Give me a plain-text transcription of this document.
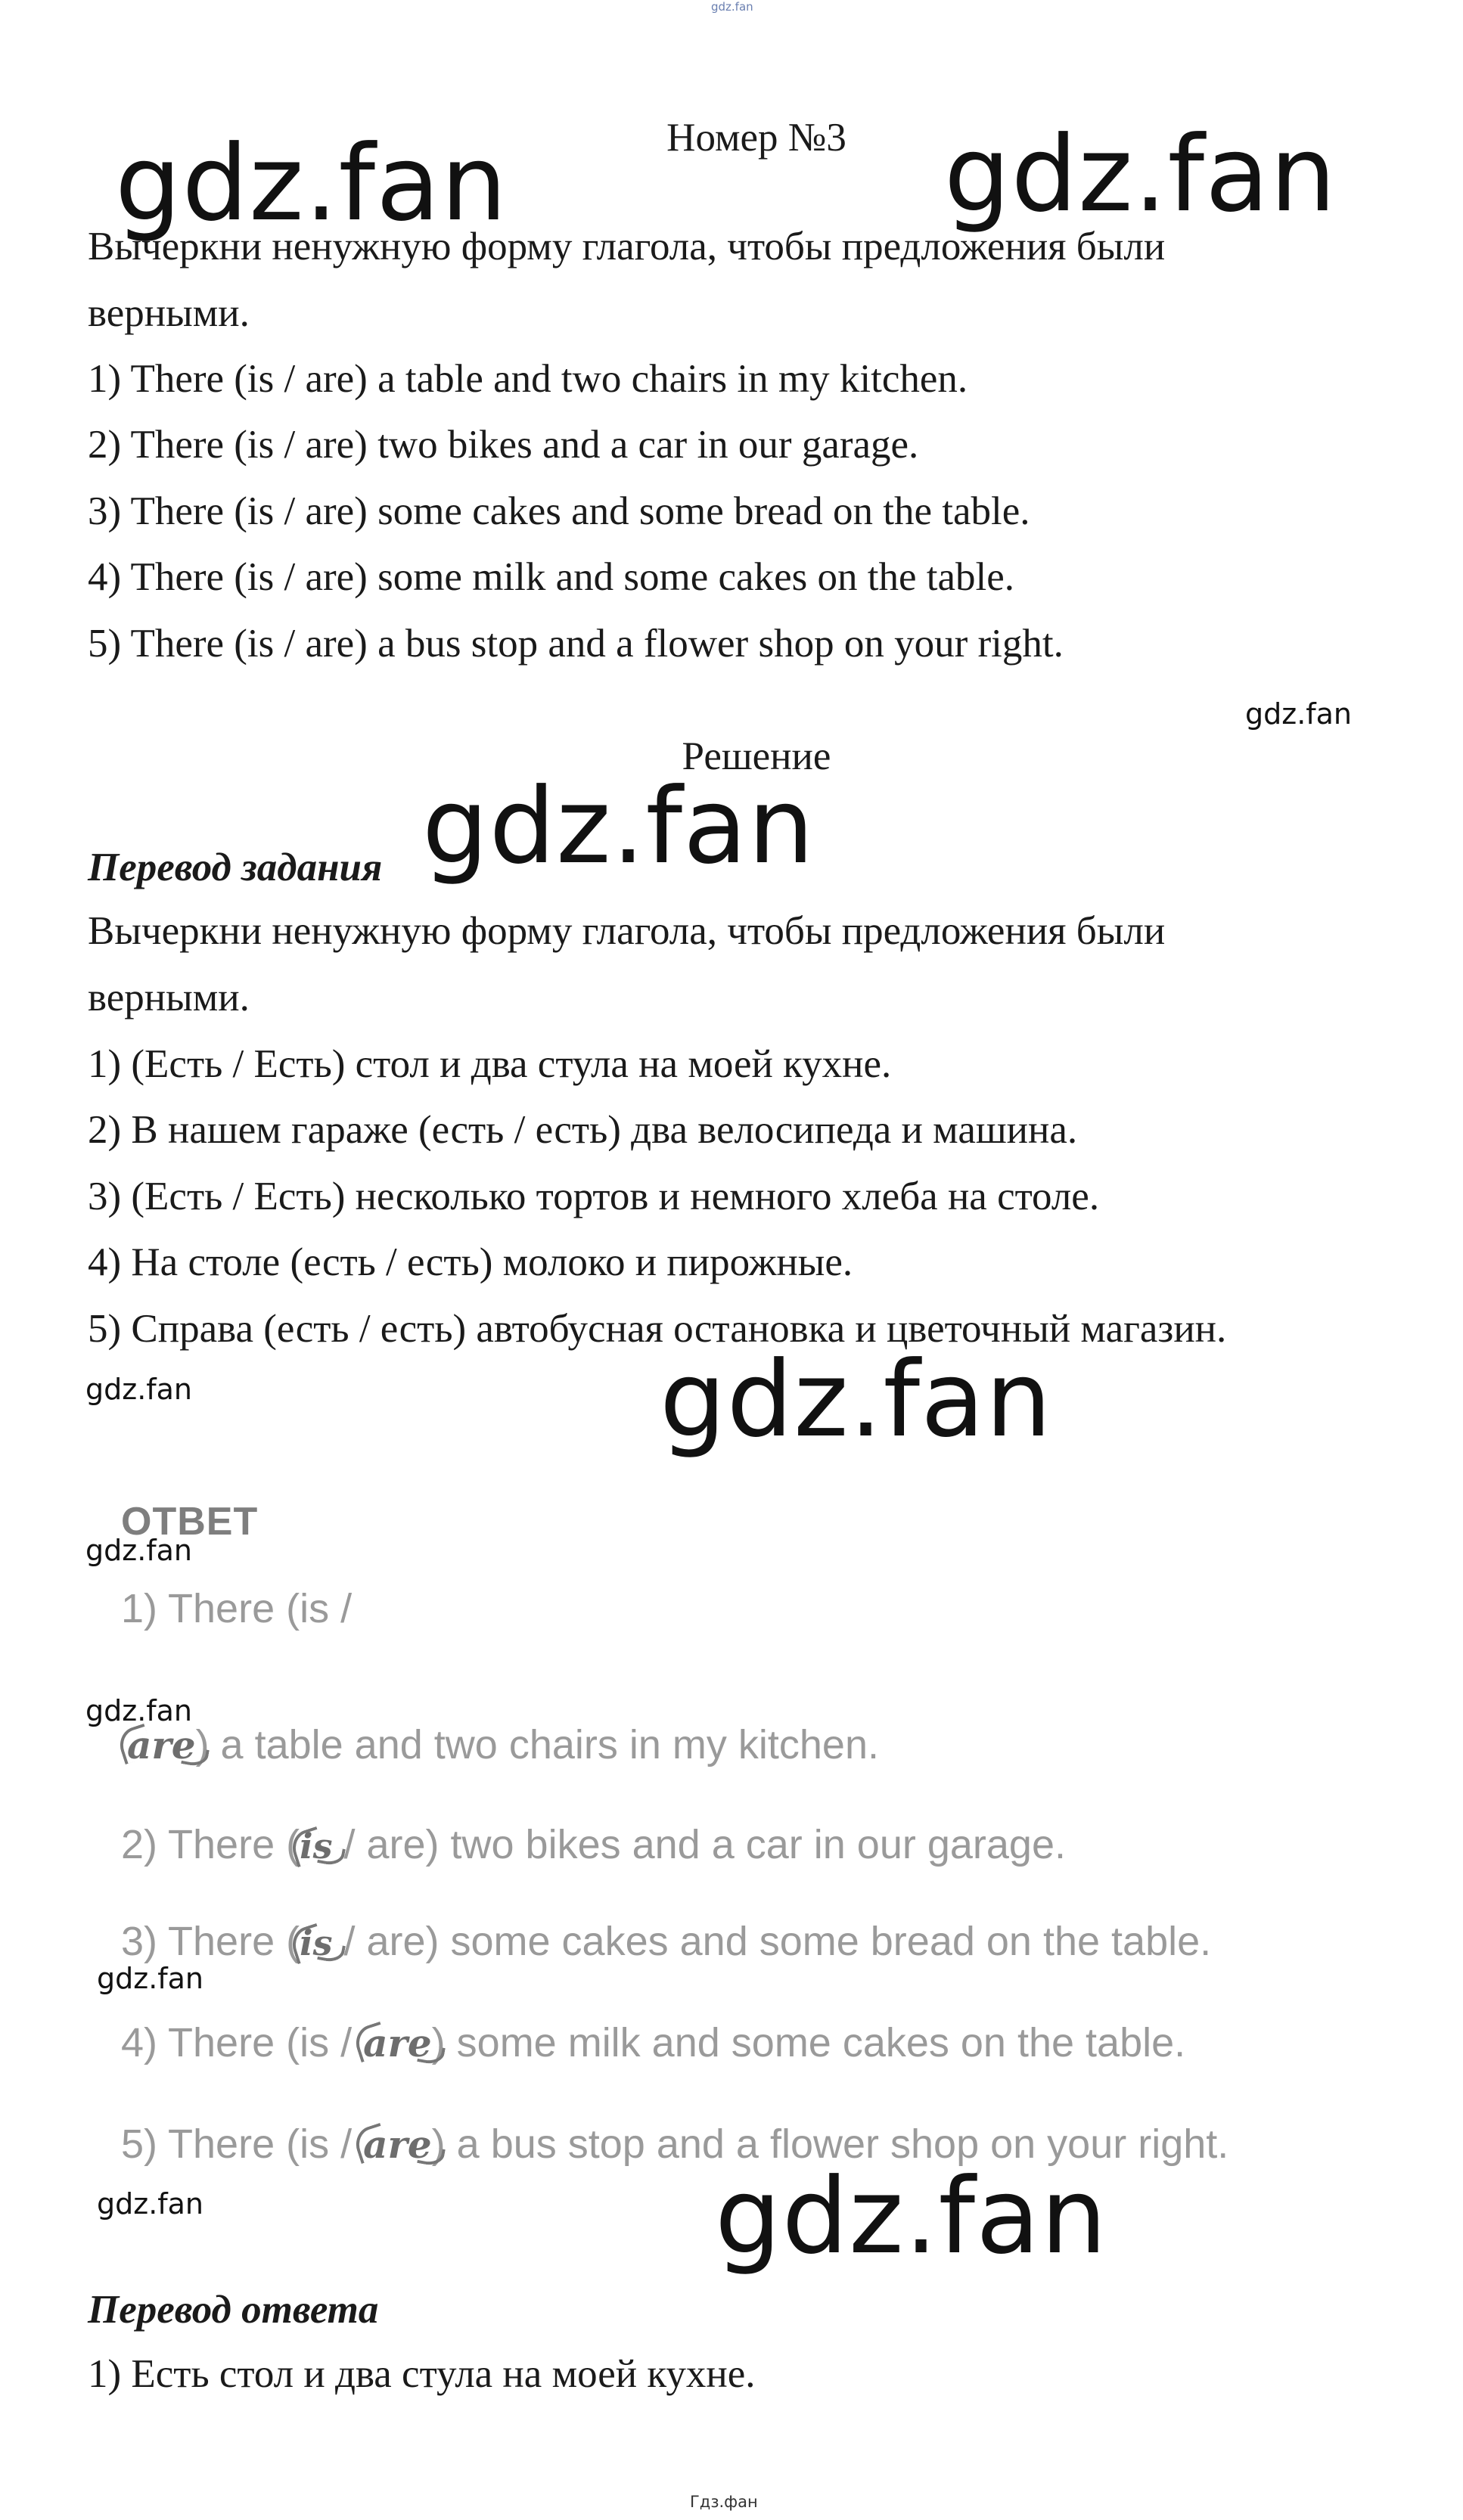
gdz.fan
Номер №3
gdz.fan	gdz.fan
Вычеркни ненужную форму глагола, чтобы предложения были
верными.
1) There (is / are) a table and two chairs in my kitchen.
2) There (is / are) two bikes and a car in our garage.
3) There (is / are) some cakes and some bread on the table.
4) There (is / are) some milk and some cakes on the table.
5) There (is / are) a bus stop and a flower shop on your right.
gdz.fan
Решение
gdz.fan
Перевод задания
Вычеркни ненужную форму глагола, чтобы предложения были
верными.
1) (Есть / Есть) стол и два стула на моей кухне.
2) В нашем гараже (есть / есть) два велосипеда и машина.
3) (Есть / Есть) несколько тортов и немного хлеба на столе.
4) На столе (есть / есть) молоко и пирожные.
5) Справа (есть / есть) автобусная остановка и цветочный магазин.
gdz.fan	gdz.fan
ОТВЕТ
gdz.fan
1) There (is /
gdz.fan
are
) a table and two chairs in my kitchen.
2) There (
is
/ are) two bikes and a car in our garage.
3) There (
is
/ are) some cakes and some bread on the table.
gdz.fan
4) There (is /
are
) some milk and some cakes on the table.
5) There (is /
are
) a bus stop and a flower shop on your right.
gdz.fan
gdz.fan
Перевод ответа
1) Есть стол и два стула на моей кухне.
Гдз.фан
